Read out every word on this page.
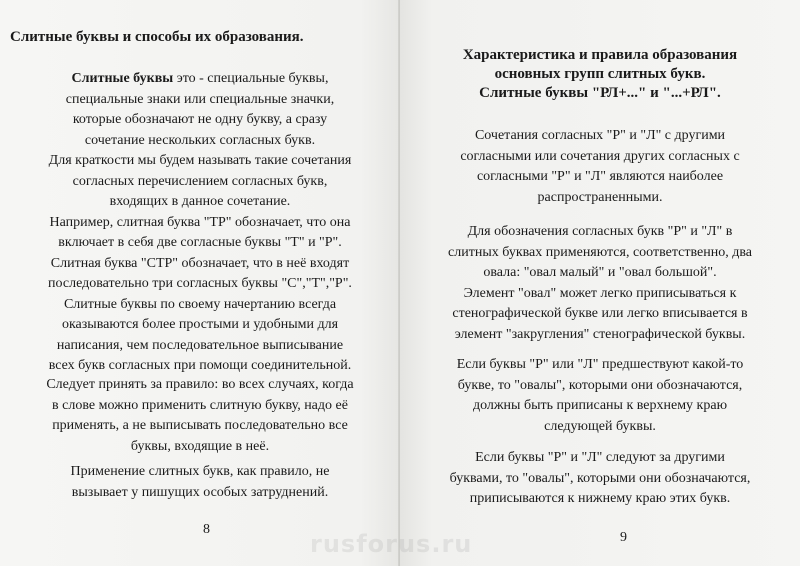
Слитные буквы и способы их образования.

Слитные буквы это - специальные буквы,
специальные знаки или специальные значки,
которые обозначают не одну букву, а сразу
сочетание нескольких согласных букв.
Для краткости мы будем называть такие сочетания
согласных перечислением согласных букв,
входящих в данное сочетание.
Например, слитная буква "ТР" обозначает, что она
включает в себя две согласные буквы "Т" и "Р".
Слитная буква "СТР" обозначает, что в неё входят
последовательно три согласных буквы "С","Т","Р".
Слитные буквы по своему начертанию всегда
оказываются более простыми и удобными для
написания, чем последовательное выписывание
всех букв согласных при помощи соединительной.

Следует принять за правило: во всех случаях, когда
в слове можно применить слитную букву, надо её
применять, а не выписывать последовательно все
буквы, входящие в неё.

Применение слитных букв, как правило, не
вызывает у пишущих особых затруднений.

8
Характеристика и правила образования
основных групп слитных букв.
Слитные буквы "РЛ+..." и "...+РЛ".

Сочетания согласных "Р" и "Л" с другими
согласными или сочетания других согласных с
согласными "Р" и "Л" являются наиболее
распространенными.

Для обозначения согласных букв "Р" и "Л" в
слитных буквах применяются, соответственно, два
овала: "овал малый" и "овал большой".
Элемент "овал" может легко приписываться к
стенографической букве или легко вписывается в
элемент "закругления" стенографической буквы.

Если буквы "Р" или "Л" предшествуют какой-то
букве, то "овалы", которыми они обозначаются,
должны быть приписаны к верхнему краю
следующей буквы.

Если буквы "Р" и "Л" следуют за другими
буквами, то "овалы", которыми они обозначаются,
приписываются к нижнему краю этих букв.

9
rusforus.ru
